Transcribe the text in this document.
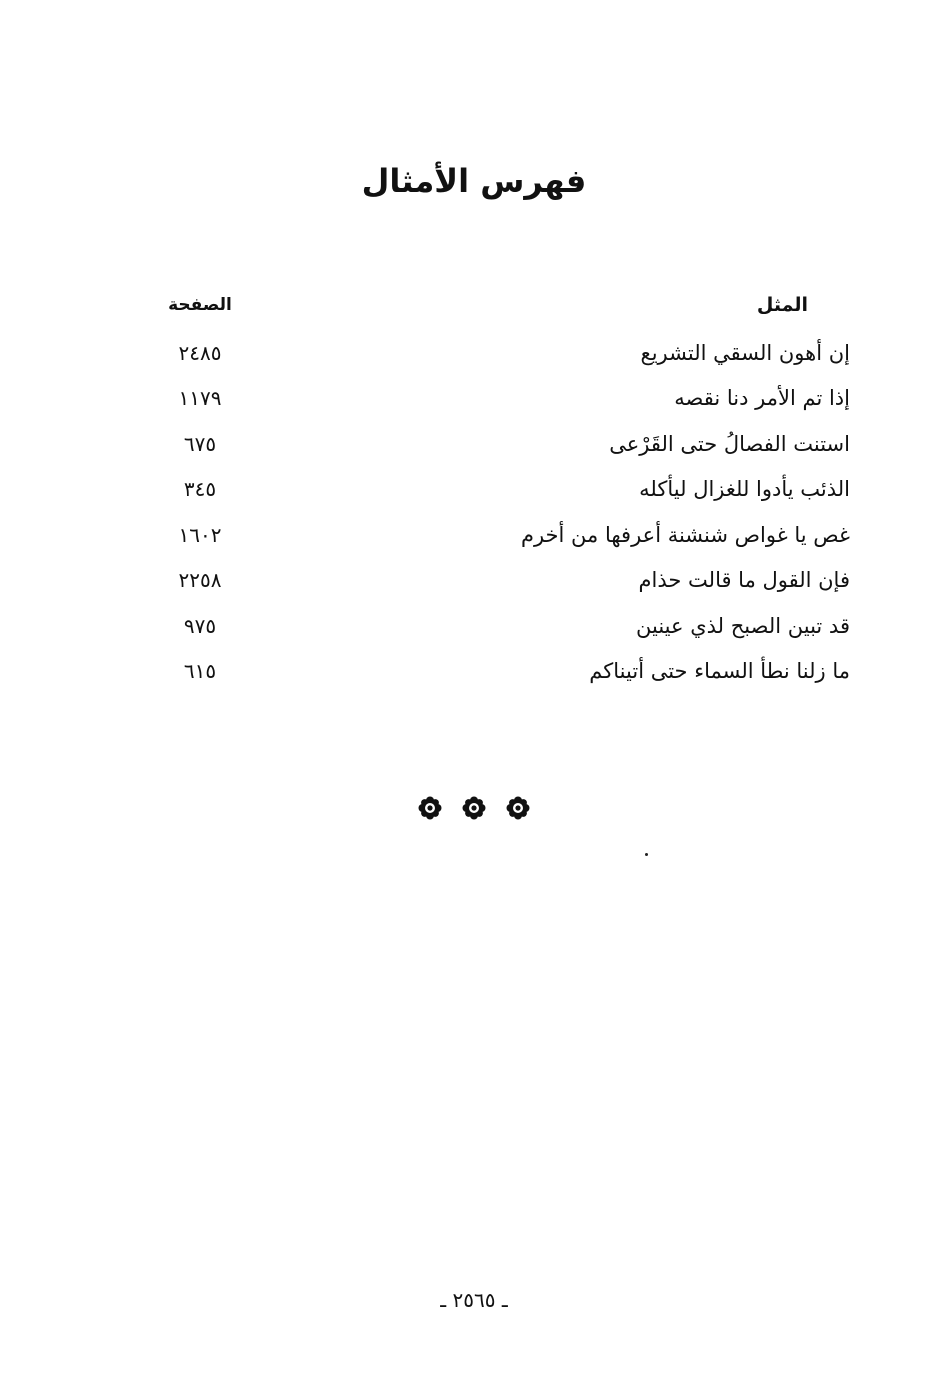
فهرس الأمثال
المثل
الصفحة
إن أهون السقي التشريع
٢٤٨٥
إذا تم الأمر دنا نقصه
١١٧٩
استنت الفصالُ حتى القَرْعى
٦٧٥
الذئب يأدوا للغزال ليأكله
٣٤٥
غص يا غواص شنشنة أعرفها من أخرم
١٦٠٢
فإن القول ما قالت حذام
٢٢٥٨
قد تبين الصبح لذي عينين
٩٧٥
ما زلنا نطأ السماء حتى أتيناكم
٦١٥
ـ ٢٥٦٥ ـ
